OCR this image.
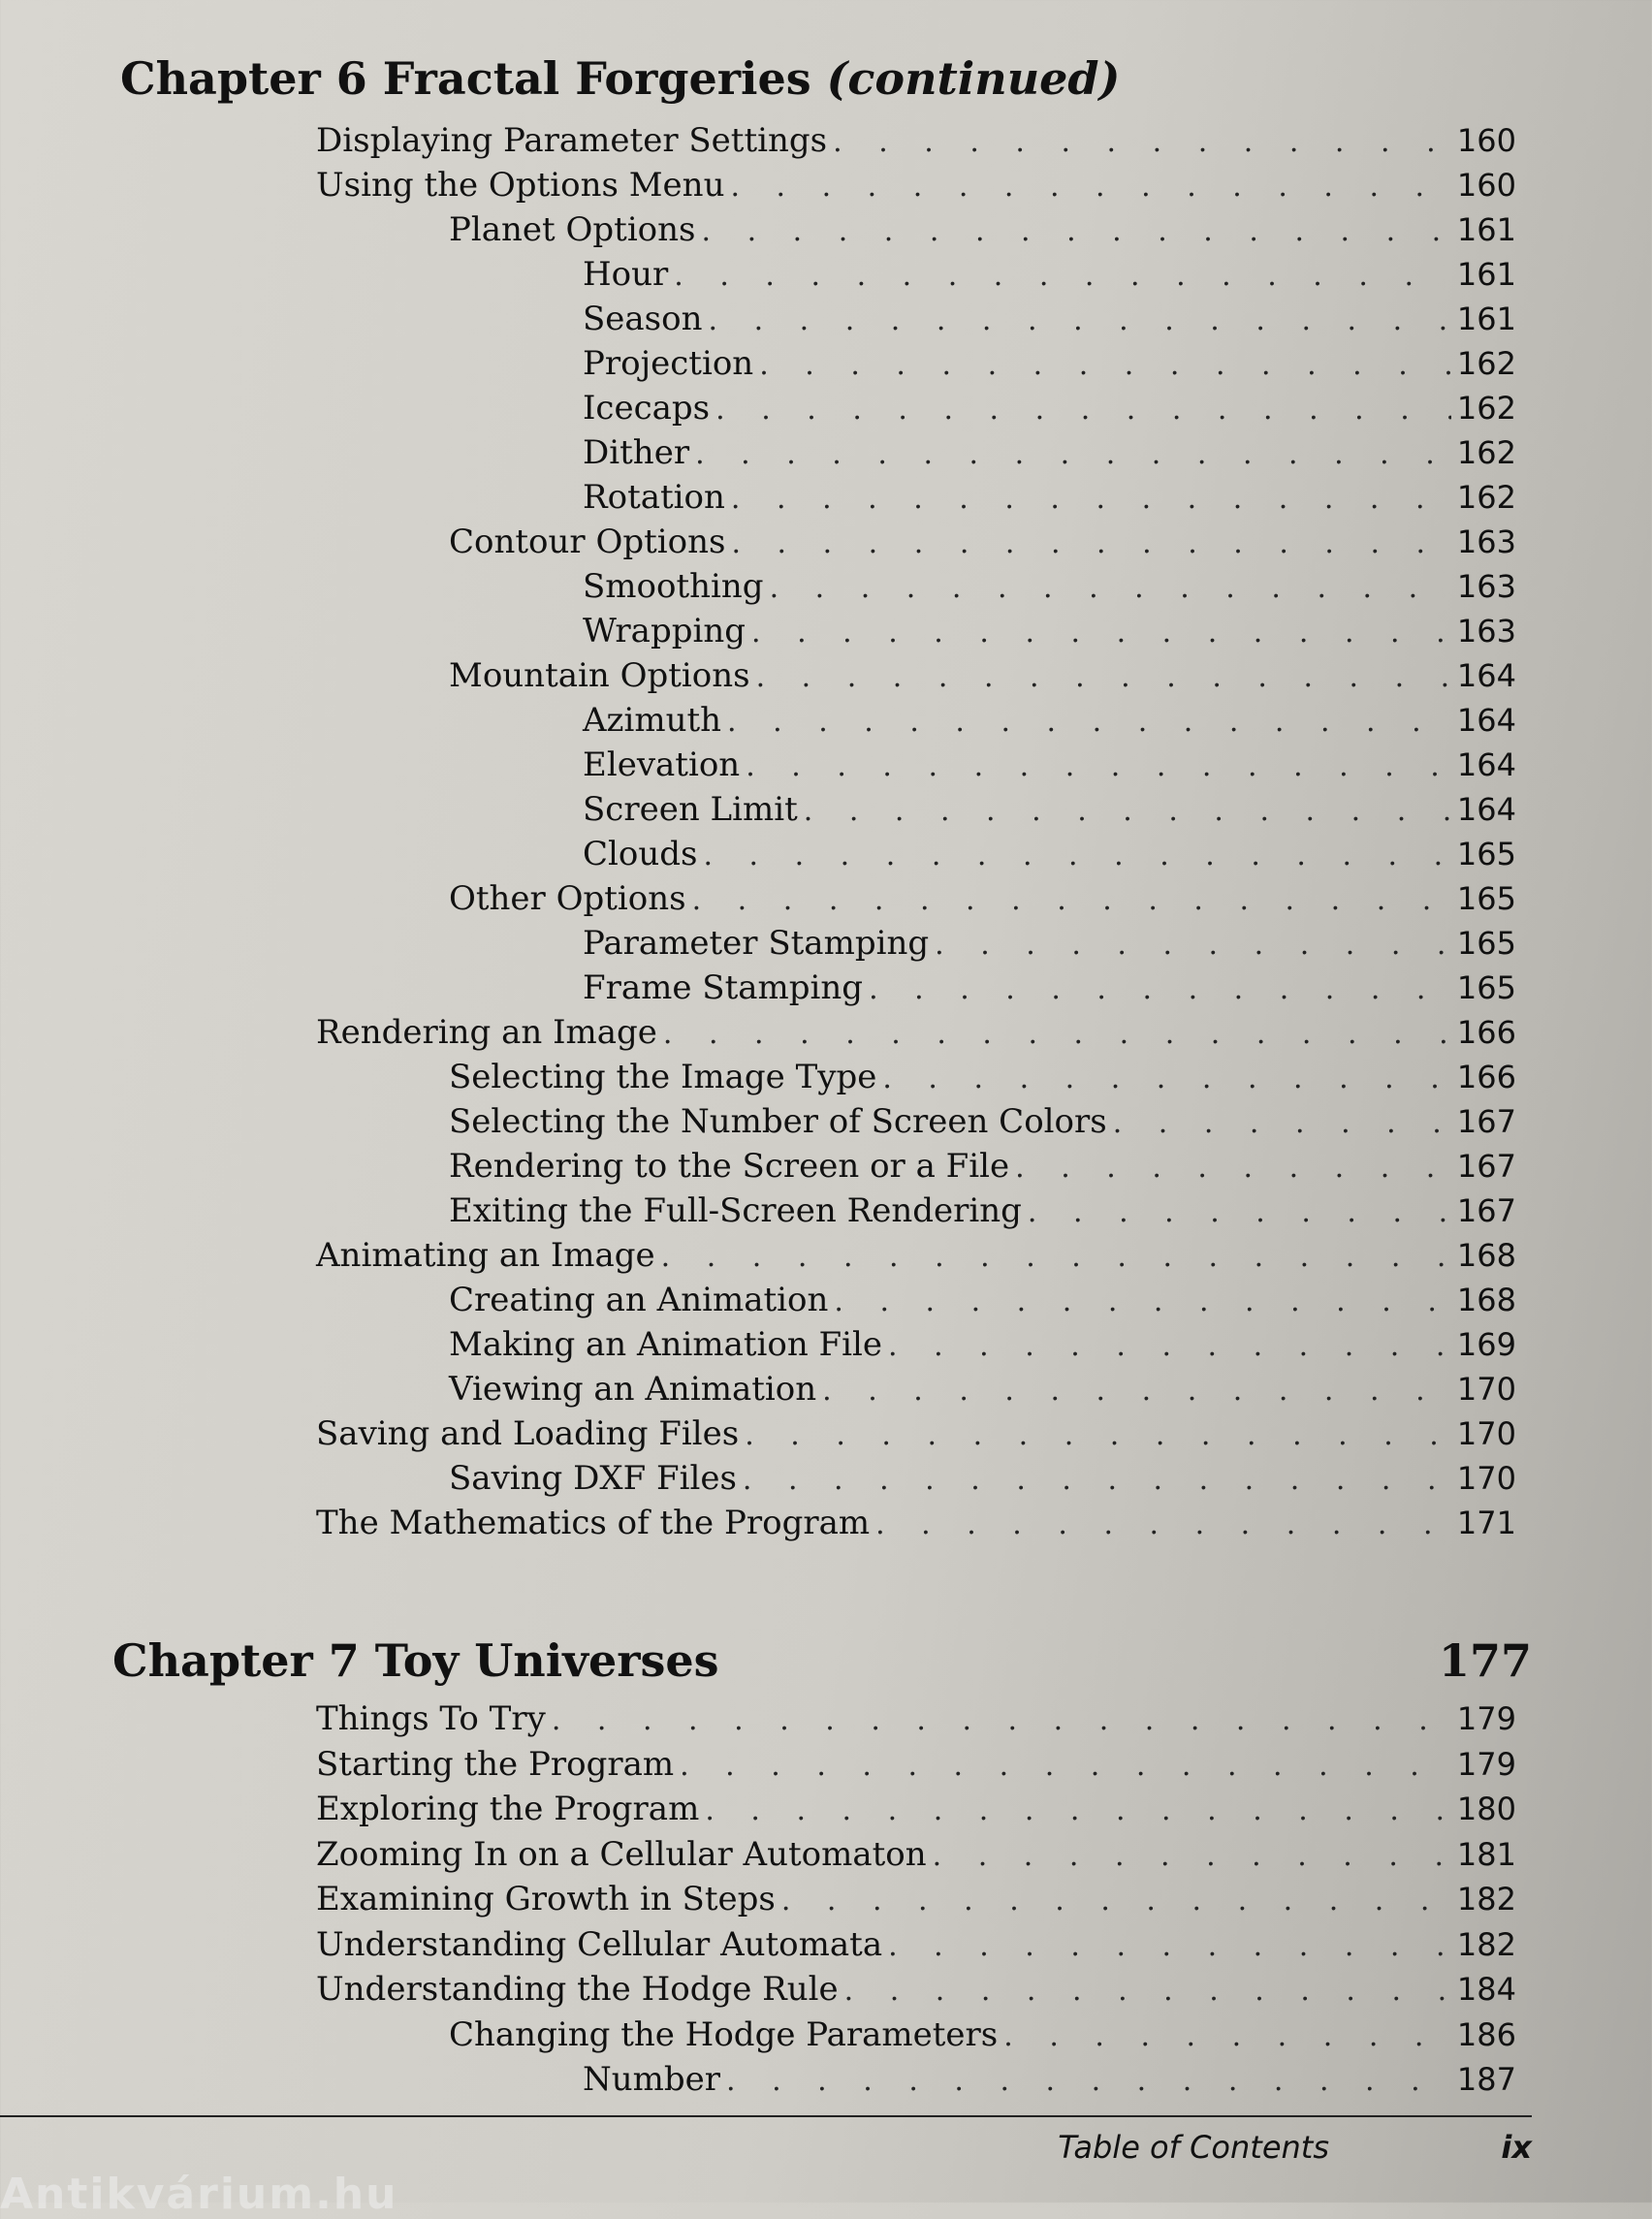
Chapter 6 Fractal Forgeries (continued)
Displaying Parameter Settings . . .	160
Using the Options Menu . . .	160
Planet Options . . .	161
Hour . . .	161
Season . . .	161
Projection . . .	162
Icecaps . . .	162
Dither . . .	162
Rotation . . .	162
Contour Options . . .	163
Smoothing . . .	163
Wrapping . . .	163
Mountain Options . . .	164
Azimuth . . .	164
Elevation . . .	164
Screen Limit . . .	164
Clouds . . .	165
Other Options . . .	165
Parameter Stamping . . .	165
Frame Stamping . . .	165
Rendering an Image . . .	166
Selecting the Image Type . . .	166
Selecting the Number of Screen Colors . . .	167
Rendering to the Screen or a File . . .	167
Exiting the Full-Screen Rendering . . .	167
Animating an Image . . .	168
Creating an Animation . . .	168
Making an Animation File . . .	169
Viewing an Animation . . .	170
Saving and Loading Files . . .	170
Saving DXF Files . . .	170
The Mathematics of the Program . . .	171
Chapter 7 Toy Universes	177
Things To Try . . .	179
Starting the Program . . .	179
Exploring the Program . . .	180
Zooming In on a Cellular Automaton . . .	181
Examining Growth in Steps . . .	182
Understanding Cellular Automata . . .	182
Understanding the Hodge Rule . . .	184
Changing the Hodge Parameters . . .	186
Number . . .	187
Table of Contents	ix
Antikvárium.hu
